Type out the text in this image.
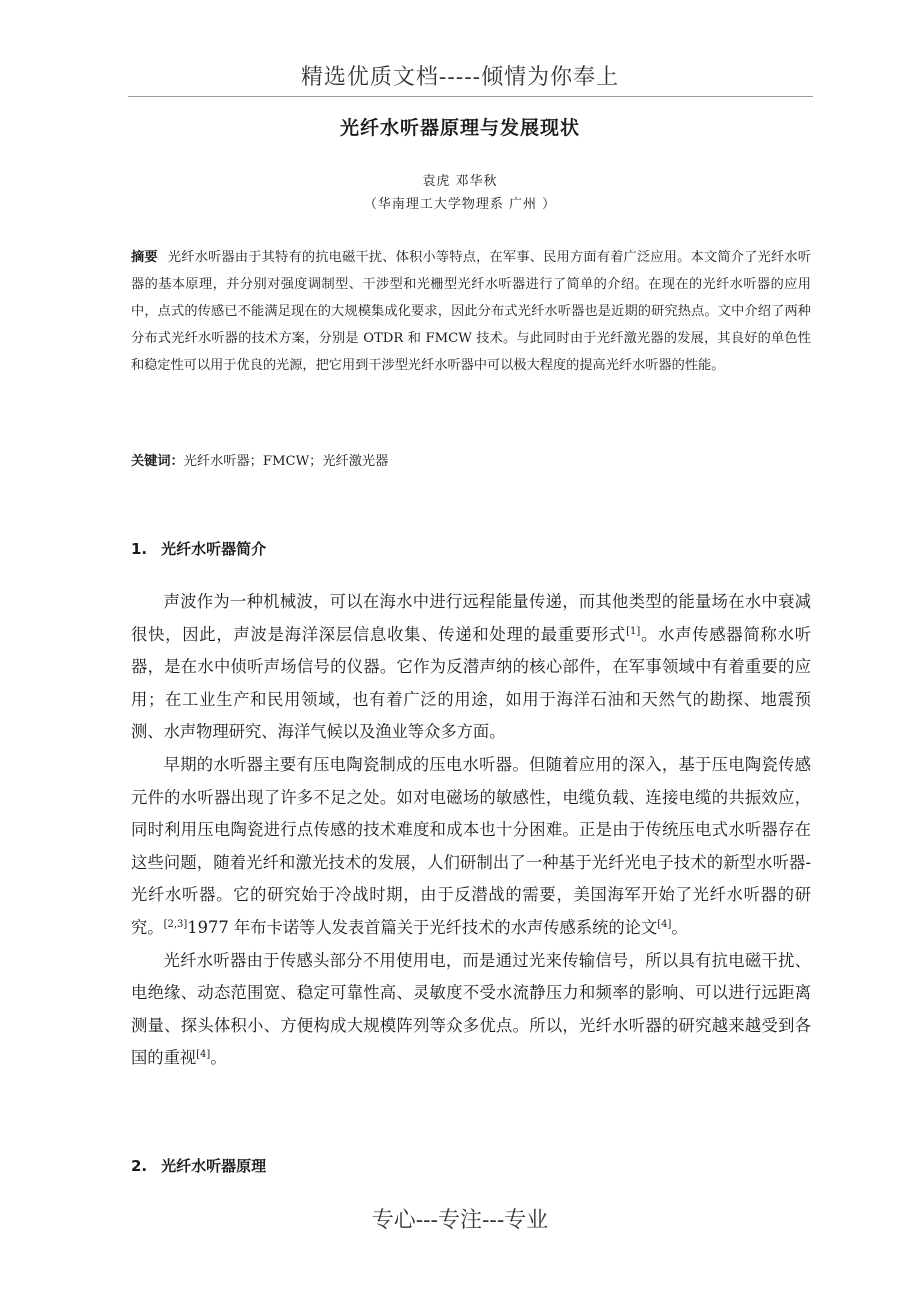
精选优质文档-----倾情为你奉上
光纤水听器原理与发展现状
袁虎 邓华秋
（华南理工大学物理系 广州 ）
摘要 光纤水听器由于其特有的抗电磁干扰、体积小等特点，在军事、民用方面有着广泛应用。本文简介了光纤水听器的基本原理，并分别对强度调制型、干涉型和光栅型光纤水听器进行了简单的介绍。在现在的光纤水听器的应用中，点式的传感已不能满足现在的大规模集成化要求，因此分布式光纤水听器也是近期的研究热点。文中介绍了两种分布式光纤水听器的技术方案，分别是 OTDR 和 FMCW 技术。与此同时由于光纤激光器的发展，其良好的单色性和稳定性可以用于优良的光源，把它用到干涉型光纤水听器中可以极大程度的提高光纤水听器的性能。
关键词：光纤水听器；FMCW；光纤激光器
1. 光纤水听器简介

声波作为一种机械波，可以在海水中进行远程能量传递，而其他类型的能量场在水中衰减很快，因此，声波是海洋深层信息收集、传递和处理的最重要形式[1]。水声传感器简称水听器，是在水中侦听声场信号的仪器。它作为反潜声纳的核心部件，在军事领域中有着重要的应用；在工业生产和民用领域，也有着广泛的用途，如用于海洋石油和天然气的勘探、地震预测、水声物理研究、海洋气候以及渔业等众多方面。

早期的水听器主要有压电陶瓷制成的压电水听器。但随着应用的深入，基于压电陶瓷传感元件的水听器出现了许多不足之处。如对电磁场的敏感性，电缆负载、连接电缆的共振效应，同时利用压电陶瓷进行点传感的技术难度和成本也十分困难。正是由于传统压电式水听器存在这些问题，随着光纤和激光技术的发展，人们研制出了一种基于光纤光电子技术的新型水听器-光纤水听器。它的研究始于冷战时期，由于反潜战的需要，美国海军开始了光纤水听器的研究。[2,3]1977 年布卡诺等人发表首篇关于光纤技术的水声传感系统的论文[4]。

光纤水听器由于传感头部分不用使用电，而是通过光来传输信号，所以具有抗电磁干扰、电绝缘、动态范围宽、稳定可靠性高、灵敏度不受水流静压力和频率的影响、可以进行远距离测量、探头体积小、方便构成大规模阵列等众多优点。所以，光纤水听器的研究越来越受到各国的重视[4]。

2. 光纤水听器原理
专心---专注---专业
